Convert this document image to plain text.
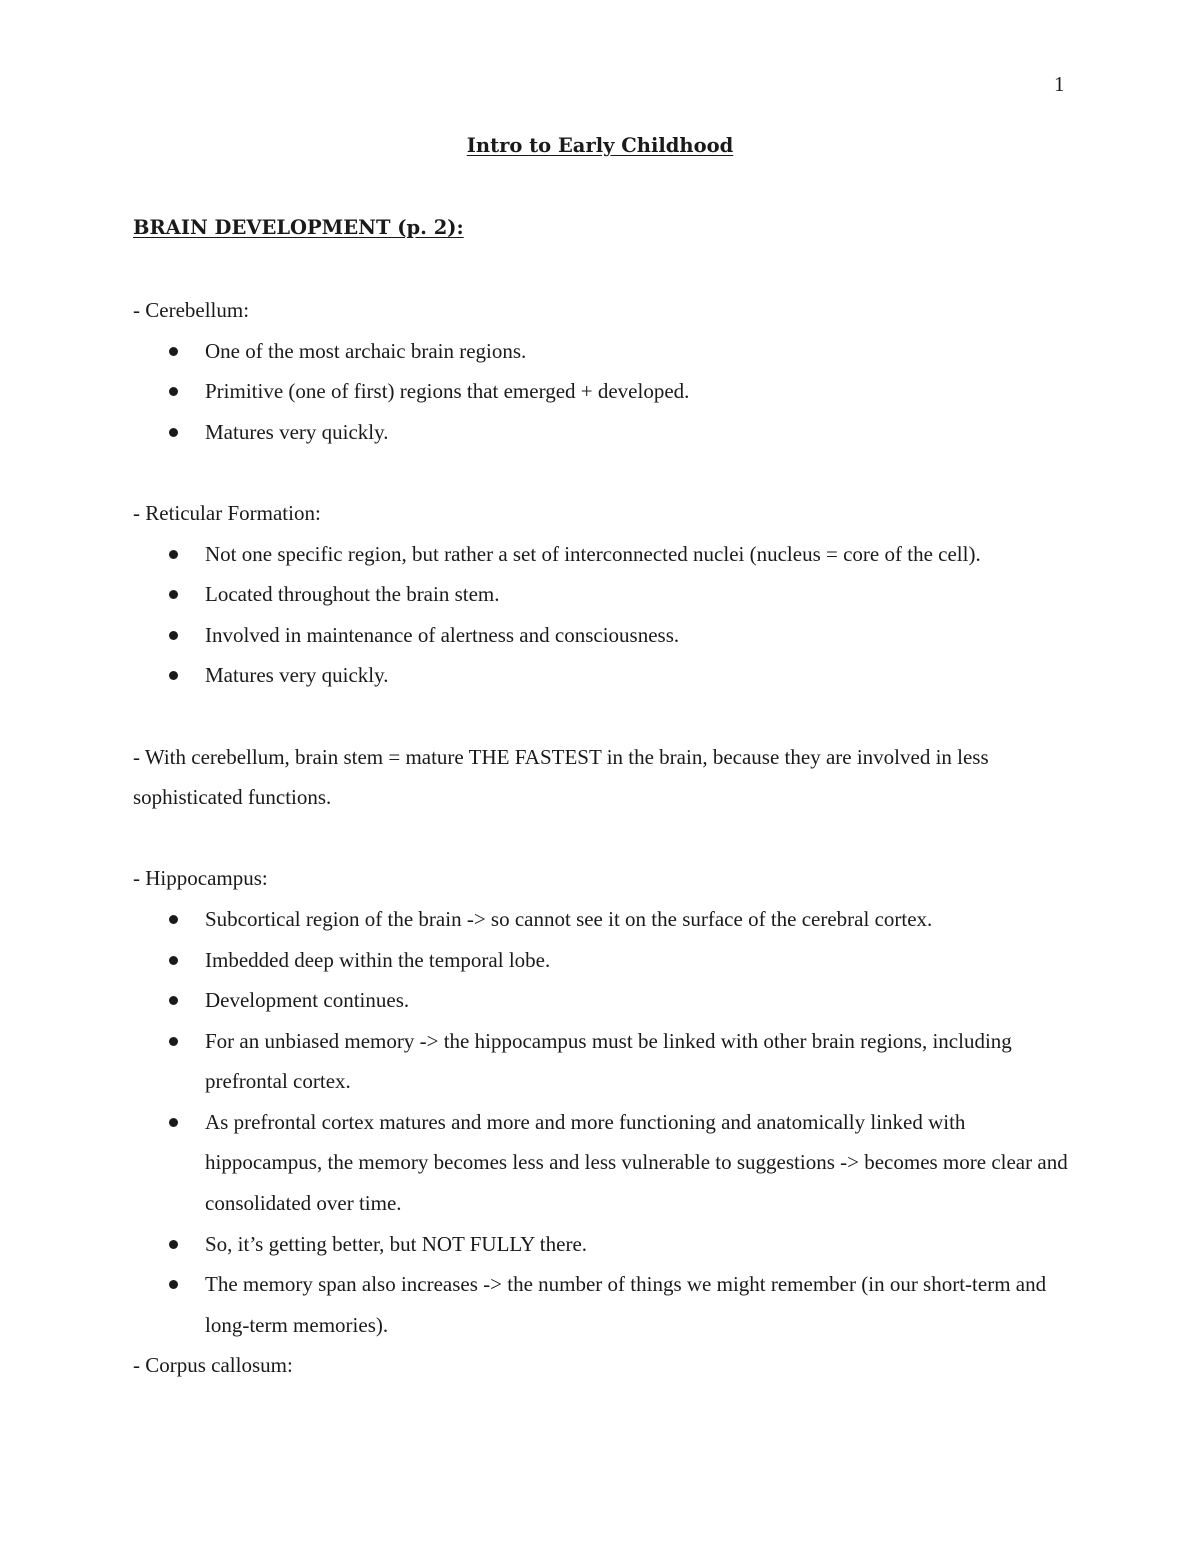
1
Intro to Early Childhood
BRAIN DEVELOPMENT (p. 2):

- Cerebellum:

One of the most archaic brain regions.
Primitive (one of first) regions that emerged + developed.
Matures very quickly.

- Reticular Formation:

Not one specific region, but rather a set of interconnected nuclei (nucleus = core of the cell).
Located throughout the brain stem.
Involved in maintenance of alertness and consciousness.
Matures very quickly.

- With cerebellum, brain stem = mature THE FASTEST in the brain, because they are involved in less sophisticated functions.

- Hippocampus:

Subcortical region of the brain -> so cannot see it on the surface of the cerebral cortex.
Imbedded deep within the temporal lobe.
Development continues.
For an unbiased memory -> the hippocampus must be linked with other brain regions, including prefrontal cortex.
As prefrontal cortex matures and more and more functioning and anatomically linked with hippocampus, the memory becomes less and less vulnerable to suggestions -> becomes more clear and consolidated over time.
So, it’s getting better, but NOT FULLY there.
The memory span also increases -> the number of things we might remember (in our short-term and long-term memories).

- Corpus callosum:
